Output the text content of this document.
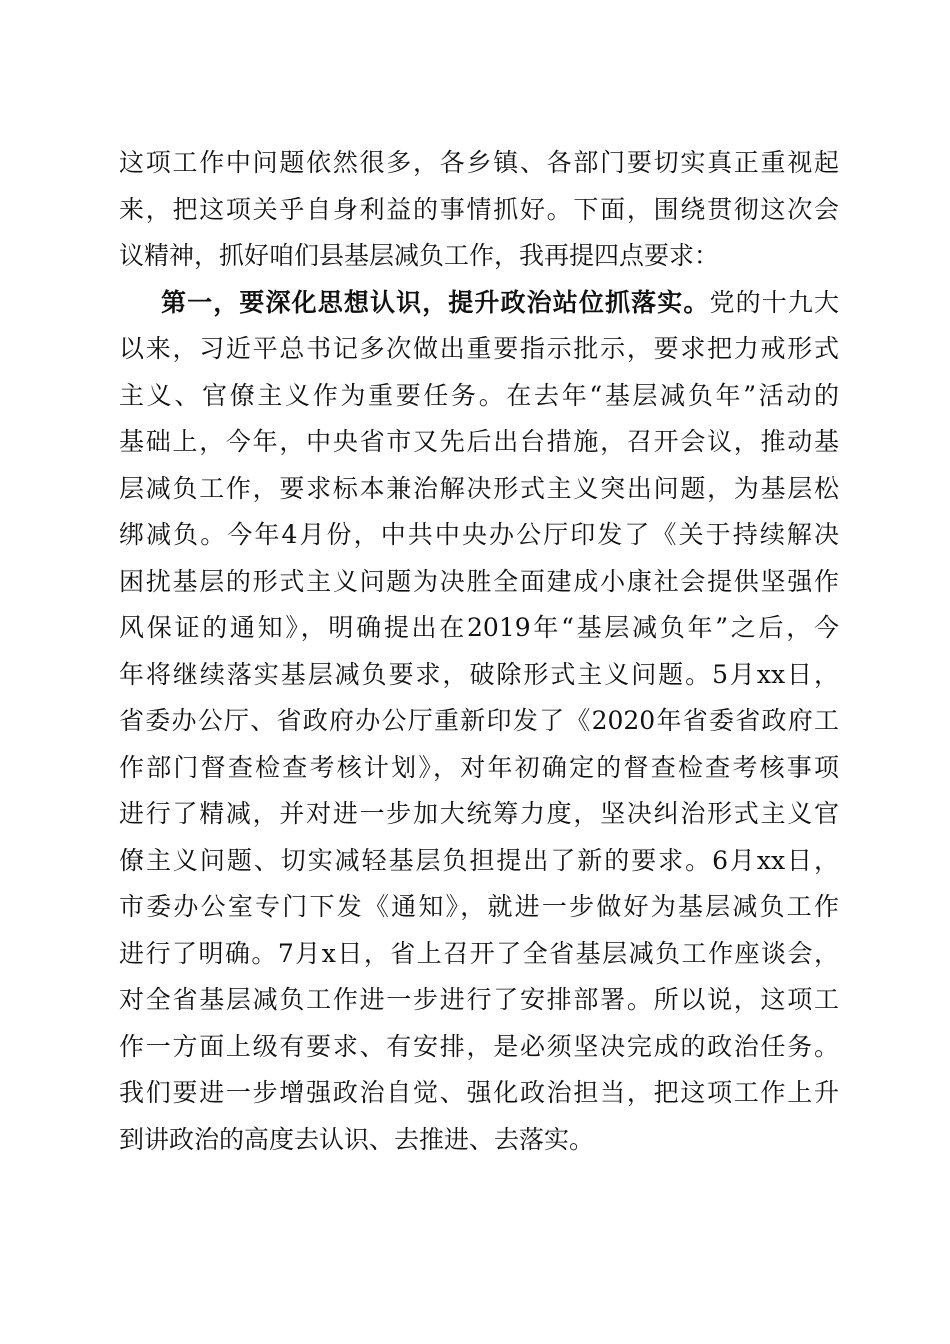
这项工作中问题依然很多，各乡镇、各部门要切实真正重视起
来，把这项关乎自身利益的事情抓好。下面，围绕贯彻这次会
议精神，抓好咱们县基层减负工作，我再提四点要求：
第一，要深化思想认识，提升政治站位抓落实。党的十九大
以来，习近平总书记多次做出重要指示批示，要求把力戒形式
主义、官僚主义作为重要任务。在去年“基层减负年”活动的
基础上，今年，中央省市又先后出台措施，召开会议，推动基
层减负工作，要求标本兼治解决形式主义突出问题，为基层松
绑减负。今年4月份，中共中央办公厅印发了《关于持续解决
困扰基层的形式主义问题为决胜全面建成小康社会提供坚强作
风保证的通知》，明确提出在2019年“基层减负年”之后，今
年将继续落实基层减负要求，破除形式主义问题。5月xx日，
省委办公厅、省政府办公厅重新印发了《2020年省委省政府工
作部门督查检查考核计划》，对年初确定的督查检查考核事项
进行了精减，并对进一步加大统筹力度，坚决纠治形式主义官
僚主义问题、切实减轻基层负担提出了新的要求。6月xx日，
市委办公室专门下发《通知》，就进一步做好为基层减负工作
进行了明确。7月x日，省上召开了全省基层减负工作座谈会，
对全省基层减负工作进一步进行了安排部署。所以说，这项工
作一方面上级有要求、有安排，是必须坚决完成的政治任务。
我们要进一步增强政治自觉、强化政治担当，把这项工作上升
到讲政治的高度去认识、去推进、去落实。
